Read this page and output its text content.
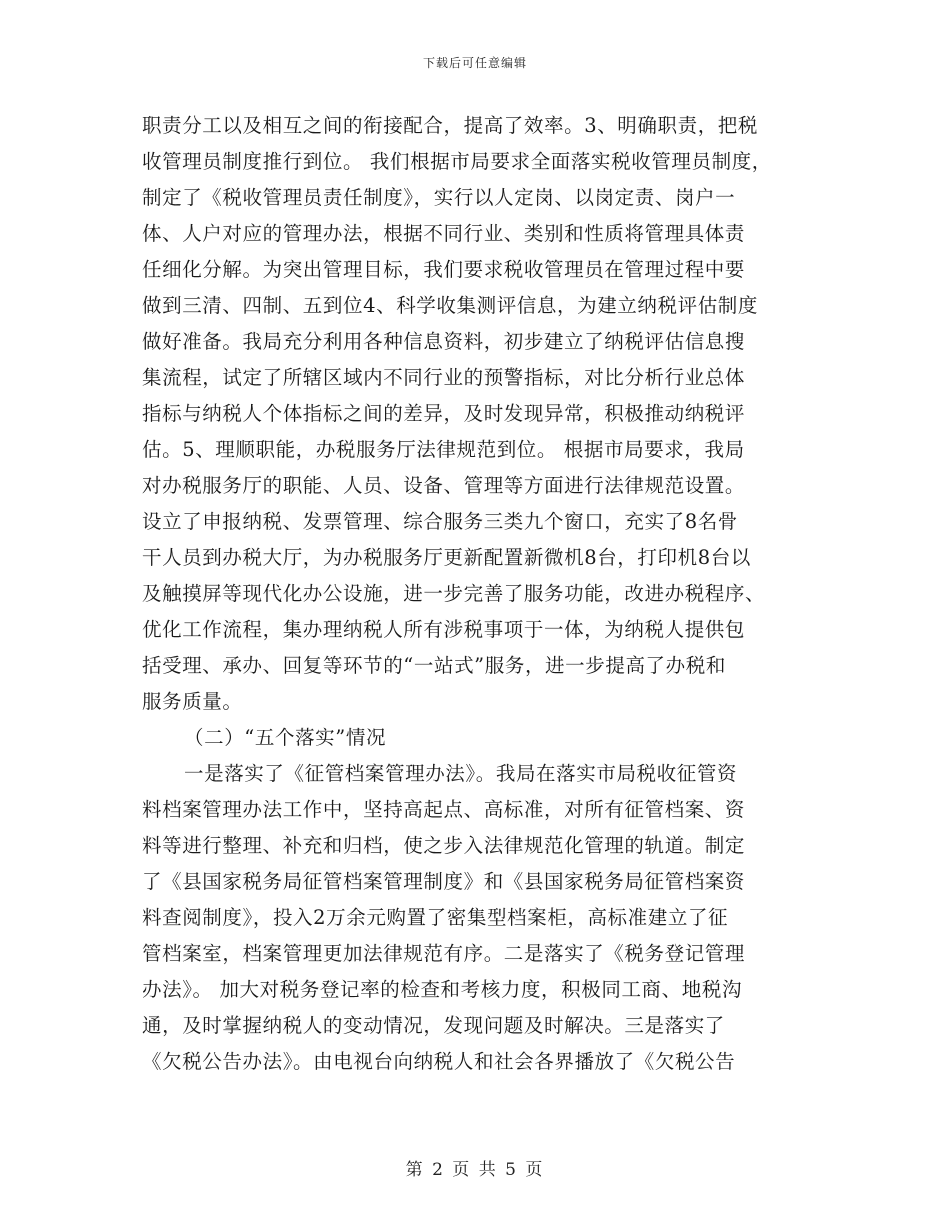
下载后可任意编辑
职责分工以及相互之间的衔接配合，提高了效率。3、明确职责，把税
收管理员制度推行到位。 我们根据市局要求全面落实税收管理员制度，
制定了《税收管理员责任制度》，实行以人定岗、以岗定责、岗户一
体、人户对应的管理办法，根据不同行业、类别和性质将管理具体责
任细化分解。为突出管理目标，我们要求税收管理员在管理过程中要
做到三清、四制、五到位4、科学收集测评信息，为建立纳税评估制度
做好准备。我局充分利用各种信息资料，初步建立了纳税评估信息搜
集流程，试定了所辖区域内不同行业的预警指标，对比分析行业总体
指标与纳税人个体指标之间的差异，及时发现异常，积极推动纳税评
估。5、理顺职能，办税服务厅法律规范到位。 根据市局要求，我局
对办税服务厅的职能、人员、设备、管理等方面进行法律规范设置。
设立了申报纳税、发票管理、综合服务三类九个窗口，充实了8名骨
干人员到办税大厅，为办税服务厅更新配置新微机8台，打印机8台以
及触摸屏等现代化办公设施，进一步完善了服务功能，改进办税程序、
优化工作流程，集办理纳税人所有涉税事项于一体，为纳税人提供包
括受理、承办、回复等环节的“一站式”服务，进一步提高了办税和
服务质量。
（二）“五个落实”情况
一是落实了《征管档案管理办法》。我局在落实市局税收征管资
料档案管理办法工作中，坚持高起点、高标准，对所有征管档案、资
料等进行整理、补充和归档，使之步入法律规范化管理的轨道。制定
了《县国家税务局征管档案管理制度》和《县国家税务局征管档案资
料查阅制度》，投入2万余元购置了密集型档案柜，高标准建立了征
管档案室，档案管理更加法律规范有序。二是落实了《税务登记管理
办法》。 加大对税务登记率的检查和考核力度，积极同工商、地税沟
通，及时掌握纳税人的变动情况，发现问题及时解决。三是落实了
《欠税公告办法》。由电视台向纳税人和社会各界播放了《欠税公告
第 2 页 共 5 页
